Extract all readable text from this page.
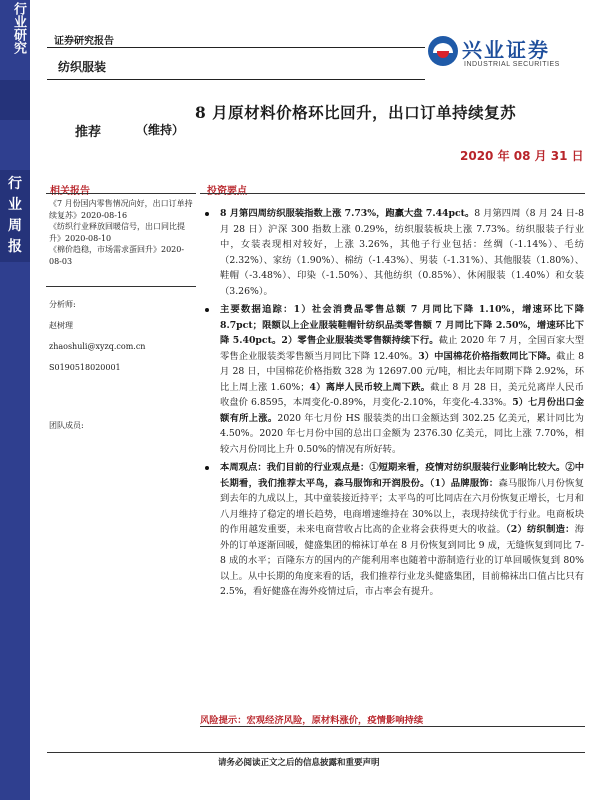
行业研究
行
业
周
报
证券研究报告
纺织服装
兴业证券
INDUSTRIAL SECURITIES
8 月原材料价格环比回升，出口订单持续复苏
推荐	（维持）
2020 年 08 月 31 日
相关报告
《7 月份国内零售情况向好，出口订单持续复苏》2020-08-16
《纺织行业释放回暖信号，出口同比提升》2020-08-10
《棉价趋稳，市场需求蛋回升》2020-08-03
分析师:
赵树理
zhaoshuli@xyzq.com.cn
S0190518020001
团队成员:
投资要点
8 月第四周纺织服装指数上涨 7.73%，跑赢大盘 7.44pct。8 月第四周（8 月 24 日-8 月 28 日）沪深 300 指数上涨 0.29%，纺织服装板块上涨 7.73%。纺织服装子行业中，女装表现相对较好，上涨 3.26%，其他子行业包括：丝绸（-1.14%）、毛纺（2.32%）、家纺（1.90%）、棉纺（-1.43%）、男装（-1.31%）、其他服装（1.80%）、鞋帽（-3.48%）、印染（-1.50%）、其他纺织（0.85%）、休闲服装（1.40%）和女装（3.26%）。
主要数据追踪：1）社会消费品零售总额 7 月同比下降 1.10%，增速环比下降 8.7pct；限额以上企业服装鞋帽针纺织品类零售额 7 月同比下降 2.50%，增速环比下降 5.40pct。2）零售企业服装类零售额持续下行。截止 2020 年 7 月，全国百家大型零售企业服装类零售额当月同比下降 12.40%。3）中国棉花价格指数同比下降。截止 8 月 28 日，中国棉花价格指数 328 为 12697.00 元/吨，相比去年同期下降 2.92%，环比上周上涨 1.60%；4）离岸人民币较上周下跌。截止 8 月 28 日，美元兑离岸人民币收盘价 6.8595，本周变化-0.89%，月变化-2.10%，年变化-4.33%。5）七月份出口金额有所上涨。2020 年七月份 HS 服装类的出口金额达到 302.25 亿美元，累计同比为 4.50%。2020 年七月份中国的总出口金额为 2376.30 亿美元，同比上涨 7.70%，相较六月份同比上升 0.50%的情况有所好转。
本周观点：我们目前的行业观点是：①短期来看，疫情对纺织服装行业影响比较大。②中长期看，我们推荐太平鸟，森马服饰和开润股份。（1）品牌服饰：森马服饰八月份恢复到去年的九成以上，其中童装接近持平；太平鸟的可比同店在六月份恢复正增长，七月和八月维持了稳定的增长趋势，电商增速维持在 30%以上，表现持续优于行业。电商板块的作用越发重要，未来电商营收占比高的企业将会获得更大的收益。（2）纺织制造：海外的订单逐渐回暖，健盛集团的棉袜订单在 8 月份恢复到同比 9 成，无缝恢复到同比 7-8 成的水平；百隆东方的国内的产能利用率也随着中游制造行业的订单回暖恢复到 80%以上。从中长期的角度来看的话，我们推荐行业龙头健盛集团，目前棉袜出口值占比只有 2.5%，看好健盛在海外疫情过后，市占率会有提升。
风险提示：宏观经济风险，原材料涨价，疫情影响持续
请务必阅读正文之后的信息披露和重要声明
